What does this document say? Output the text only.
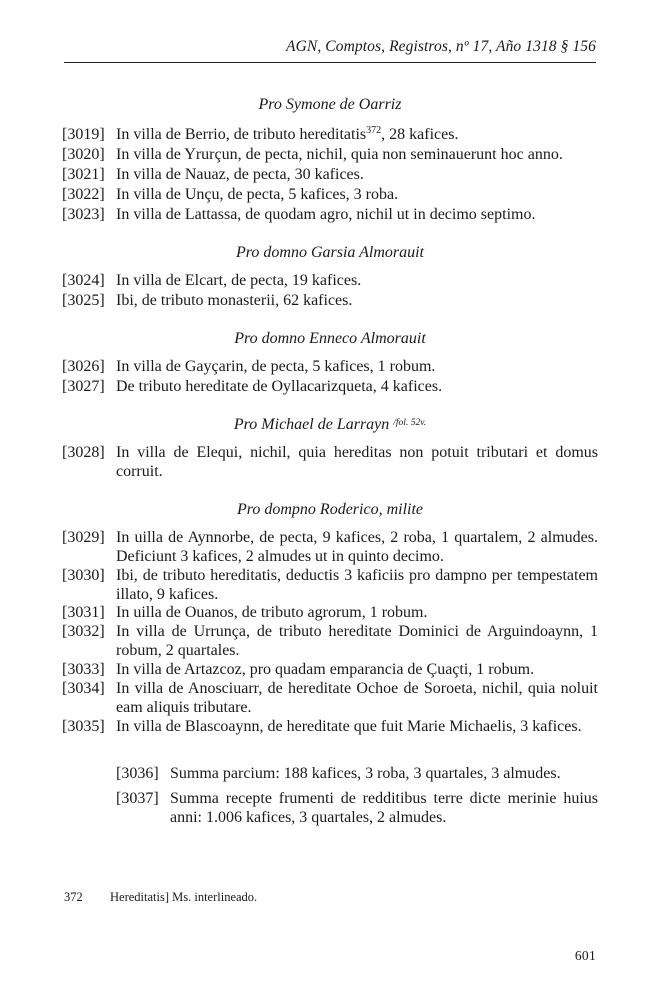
AGN, Comptos, Registros, nº 17, Año 1318 § 156
Pro Symone de Oarriz
[3019] In villa de Berrio, de tributo hereditatis$^{372}$, 28 kafices.
[3020] In villa de Yrurçun, de pecta, nichil, quia non seminauerunt hoc anno.
[3021] In villa de Nauaz, de pecta, 30 kafices.
[3022] In villa de Unçu, de pecta, 5 kafices, 3 roba.
[3023] In villa de Lattassa, de quodam agro, nichil ut in decimo septimo.
Pro domno Garsia Almorauit
[3024] In villa de Elcart, de pecta, 19 kafices.
[3025] Ibi, de tributo monasterii, 62 kafices.
Pro domno Enneco Almorauit
[3026] In villa de Gayçarin, de pecta, 5 kafices, 1 robum.
[3027] De tributo hereditate de Oyllacarizqueta, 4 kafices.
Pro Michael de Larrayn $^{/fol. 52v.}$
[3028] In villa de Elequi, nichil, quia hereditas non potuit tributari et domus corruit.
Pro dompno Roderico, milite
[3029] In uilla de Aynnorbe, de pecta, 9 kafices, 2 roba, 1 quartalem, 2 almudes. Deficiunt 3 kafices, 2 almudes ut in quinto decimo.
[3030] Ibi, de tributo hereditatis, deductis 3 kaficiis pro dampno per tempestatem illato, 9 kafices.
[3031] In uilla de Ouanos, de tributo agrorum, 1 robum.
[3032] In villa de Urrunça, de tributo hereditate Dominici de Arguindoaynn, 1 robum, 2 quartales.
[3033] In villa de Artazcoz, pro quadam emparancia de Çuaçti, 1 robum.
[3034] In villa de Anosciuarr, de hereditate Ochoe de Soroeta, nichil, quia noluit eam aliquis tributare.
[3035] In villa de Blascoaynn, de hereditate que fuit Marie Michaelis, 3 kafices.
[3036] Summa parcium: 188 kafices, 3 roba, 3 quartales, 3 almudes.
[3037] Summa recepte frumenti de redditibus terre dicte merinie huius anni: 1.006 kafices, 3 quartales, 2 almudes.
372	Hereditatis] Ms. interlineado.
601
